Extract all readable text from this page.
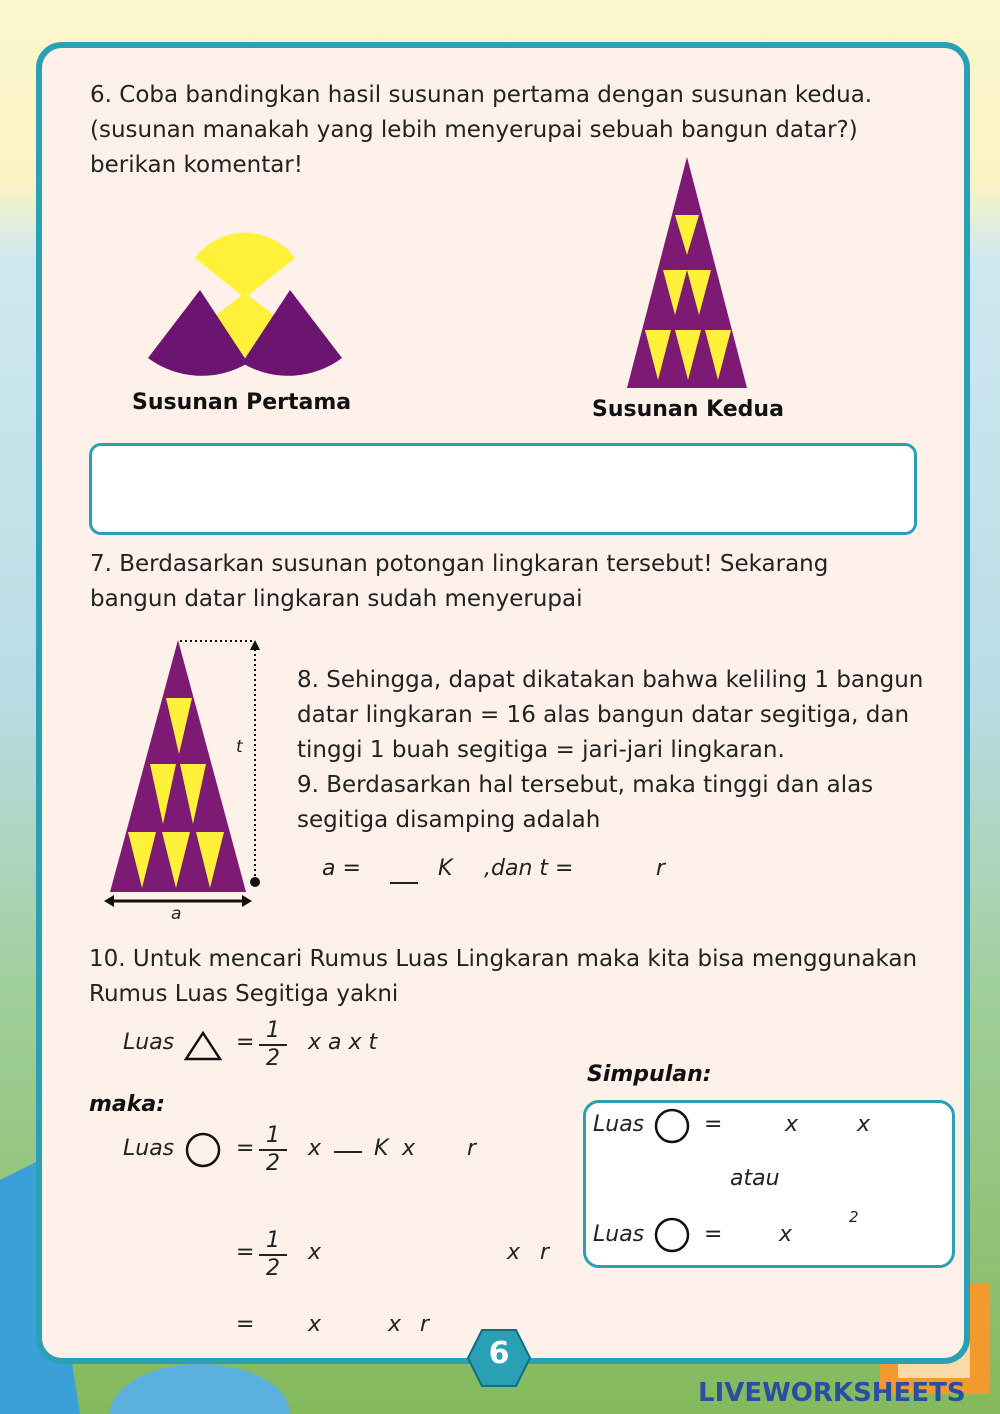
6. Coba bandingkan hasil susunan pertama dengan susunan kedua.
(susunan manakah yang lebih menyerupai sebuah bangun datar?)
berikan komentar!
Susunan Pertama	Susunan Kedua
7. Berdasarkan susunan potongan lingkaran tersebut! Sekarang
bangun datar lingkaran sudah menyerupai
t
a
8. Sehingga, dapat dikatakan bahwa keliling 1 bangun
datar lingkaran = 16 alas bangun datar segitiga, dan
tinggi 1 buah segitiga = jari-jari lingkaran.
9. Berdasarkan hal tersebut, maka tinggi dan alas
segitiga disamping adalah
a =	K ,dan t =	r
10. Untuk mencari Rumus Luas Lingkaran maka kita bisa menggunakan
Rumus Luas Segitiga yakni
Luas	= 1
2
x a x t
Simpulan:
maka:
Luas	=
1
2
x K x r
= 1
2
x	x r
= x	x r
Luas	=	x	x
atau
Luas	=	x
2
6
LIVEWORKSHEETS
